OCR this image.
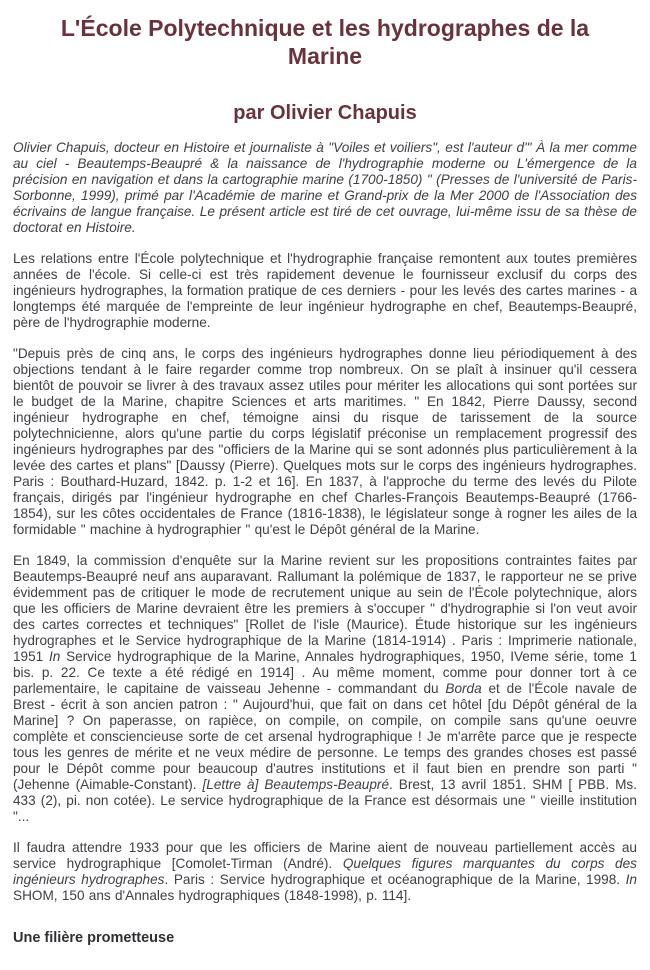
L'École Polytechnique et les hydrographes de la Marine
par Olivier Chapuis

Olivier Chapuis, docteur en Histoire et journaliste à "Voiles et voiliers", est l'auteur d'" À la mer comme au ciel - Beautemps-Beaupré & la naissance de l'hydrographie moderne ou L'émergence de la précision en navigation et dans la cartographie marine (1700-1850) " (Presses de l'université de Paris-Sorbonne, 1999), primé par l'Académie de marine et Grand-prix de la Mer 2000 de l'Association des écrivains de langue française. Le présent article est tiré de cet ouvrage, lui-même issu de sa thèse de doctorat en Histoire.

Les relations entre l'École polytechnique et l'hydrographie française remontent aux toutes premières années de l'école. Si celle-ci est très rapidement devenue le fournisseur exclusif du corps des ingénieurs hydrographes, la formation pratique de ces derniers - pour les levés des cartes marines - a longtemps été marquée de l'empreinte de leur ingénieur hydrographe en chef, Beautemps-Beaupré, père de l'hydrographie moderne.

"Depuis près de cinq ans, le corps des ingénieurs hydrographes donne lieu périodiquement à des objections tendant à le faire regarder comme trop nombreux. On se plaît à insinuer qu'il cessera bientôt de pouvoir se livrer à des travaux assez utiles pour mériter les allocations qui sont portées sur le budget de la Marine, chapitre Sciences et arts maritimes. " En 1842, Pierre Daussy, second ingénieur hydrographe en chef, témoigne ainsi du risque de tarissement de la source polytechnicienne, alors qu'une partie du corps législatif préconise un remplacement progressif des ingénieurs hydrographes par des "officiers de la Marine qui se sont adonnés plus particulièrement à la levée des cartes et plans" [Daussy (Pierre). Quelques mots sur le corps des ingénieurs hydrographes. Paris : Bouthard-Huzard, 1842. p. 1-2 et 16]. En 1837, à l'approche du terme des levés du Pilote français, dirigés par l'ingénieur hydrographe en chef Charles-François Beautemps-Beaupré (1766-1854), sur les côtes occidentales de France (1816-1838), le législateur songe à rogner les ailes de la formidable " machine à hydrographier " qu'est le Dépôt général de la Marine.

En 1849, la commission d'enquête sur la Marine revient sur les propositions contraintes faites par Beautemps-Beaupré neuf ans auparavant. Rallumant la polémique de 1837, le rapporteur ne se prive évidemment pas de critiquer le mode de recrutement unique au sein de l'École polytechnique, alors que les officiers de Marine devraient être les premiers à s'occuper " d'hydrographie si l'on veut avoir des cartes correctes et techniques" [Rollet de l'isle (Maurice). Étude historique sur les ingénieurs hydrographes et le Service hydrographique de la Marine (1814-1914) . Paris : Imprimerie nationale, 1951 In Service hydrographique de la Marine, Annales hydrographiques, 1950, IVeme série, tome 1 bis. p. 22. Ce texte a été rédigé en 1914] . Au même moment, comme pour donner tort à ce parlementaire, le capitaine de vaisseau Jehenne - commandant du Borda et de l'École navale de Brest - écrit à son ancien patron : " Aujourd'hui, que fait on dans cet hôtel [du Dépôt général de la Marine] ? On paperasse, on rapièce, on compile, on compile, on compile sans qu'une oeuvre complète et consciencieuse sorte de cet arsenal hydrographique ! Je m'arrête parce que je respecte tous les genres de mérite et ne veux médire de personne. Le temps des grandes choses est passé pour le Dépôt comme pour beaucoup d'autres institutions et il faut bien en prendre son parti " (Jehenne (Aimable-Constant). [Lettre à] Beautemps-Beaupré. Brest, 13 avril 1851. SHM [ PBB. Ms. 433 (2), pi. non cotée). Le service hydrographique de la France est désormais une " vieille institution "...

Il faudra attendre 1933 pour que les officiers de Marine aient de nouveau partiellement accès au service hydrographique [Comolet-Tirman (André). Quelques figures marquantes du corps des ingénieurs hydrographes. Paris : Service hydrographique et océanographique de la Marine, 1998. In SHOM, 150 ans d'Annales hydrographiques (1848-1998), p. 114].

Une filière prometteuse
